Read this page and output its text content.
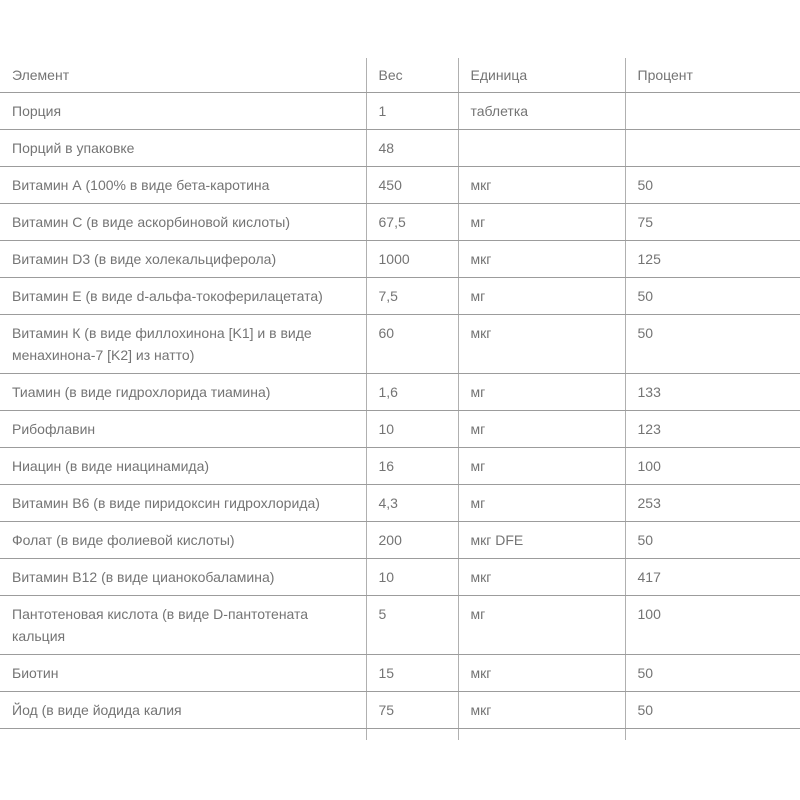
Элемент	Вес	Единица	Процент
Порция	1	таблетка	
Порций в упаковке	48		
Витамин А (100% в виде бета-каротина	450	мкг	50
Витамин С (в виде аскорбиновой кислоты)	67,5	мг	75
Витамин D3 (в виде холекальциферола)	1000	мкг	125
Витамин Е (в виде d-альфа-токоферилацетата)	7,5	мг	50
Витамин К (в виде филлохинона [K1] и в виде менахинона-7 [K2] из натто)	60	мкг	50
Тиамин (в виде гидрохлорида тиамина)	1,6	мг	133
Рибофлавин	10	мг	123
Ниацин (в виде ниацинамида)	16	мг	100
Витамин B6 (в виде пиридоксин гидрохлорида)	4,3	мг	253
Фолат (в виде фолиевой кислоты)	200	мкг DFE	50
Витамин B12 (в виде цианокобаламина)	10	мкг	417
Пантотеновая кислота (в виде D-пантотената кальция	5	мг	100
Биотин	15	мкг	50
Йод (в виде йодида калия	75	мкг	50
